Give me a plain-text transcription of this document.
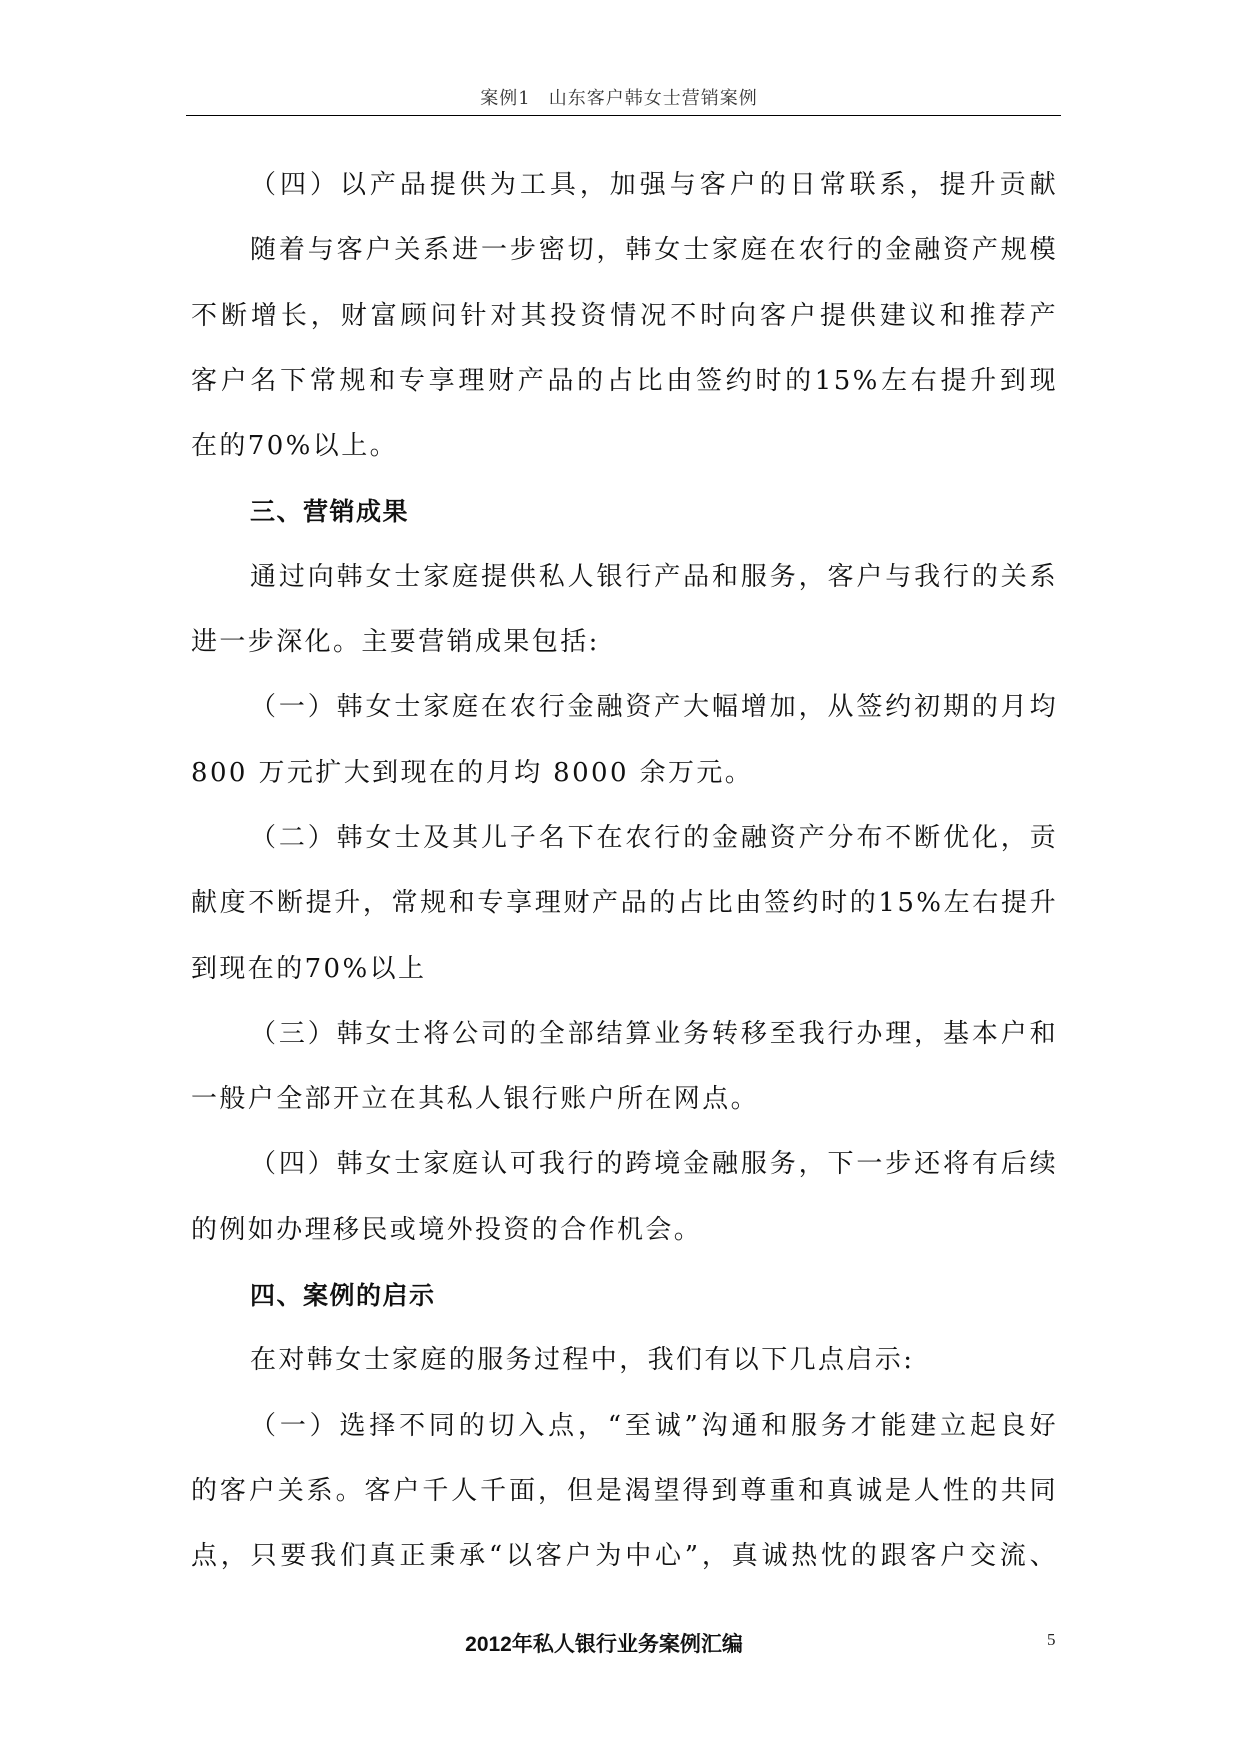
案例1 山东客户韩女士营销案例
（四）以产品提供为工具，加强与客户的日常联系，提升贡献
随着与客户关系进一步密切，韩女士家庭在农行的金融资产规模
不断增长，财富顾问针对其投资情况不时向客户提供建议和推荐产
客户名下常规和专享理财产品的占比由签约时的15%左右提升到现
在的70%以上。
三、营销成果
通过向韩女士家庭提供私人银行产品和服务，客户与我行的关系
进一步深化。主要营销成果包括:
（一）韩女士家庭在农行金融资产大幅增加，从签约初期的月均
800 万元扩大到现在的月均 8000 余万元。
（二）韩女士及其儿子名下在农行的金融资产分布不断优化，贡
献度不断提升，常规和专享理财产品的占比由签约时的15%左右提升
到现在的70%以上
（三）韩女士将公司的全部结算业务转移至我行办理，基本户和
一般户全部开立在其私人银行账户所在网点。
（四）韩女士家庭认可我行的跨境金融服务，下一步还将有后续
的例如办理移民或境外投资的合作机会。
四、案例的启示
在对韩女士家庭的服务过程中，我们有以下几点启示:
（一）选择不同的切入点，“至诚”沟通和服务才能建立起良好
的客户关系。客户千人千面，但是渴望得到尊重和真诚是人性的共同
点，只要我们真正秉承“以客户为中心”，真诚热忱的跟客户交流、
2012年私人银行业务案例汇编	5
